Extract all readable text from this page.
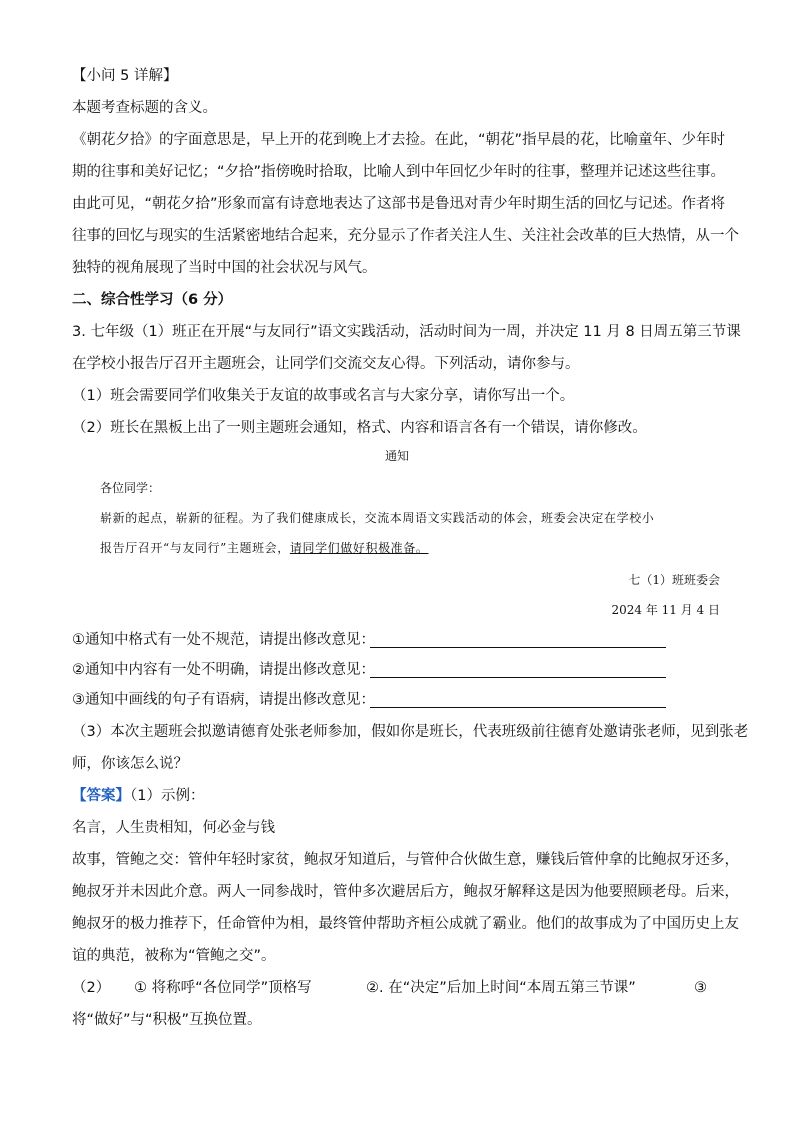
【小问 5 详解】
本题考查标题的含义。
《朝花夕拾》的字面意思是，早上开的花到晚上才去捡。在此，“朝花”指早晨的花，比喻童年、少年时
期的往事和美好记忆；“夕拾”指傍晚时拾取，比喻人到中年回忆少年时的往事，整理并记述这些往事。
由此可见，“朝花夕拾”形象而富有诗意地表达了这部书是鲁迅对青少年时期生活的回忆与记述。作者将
往事的回忆与现实的生活紧密地结合起来，充分显示了作者关注人生、关注社会改革的巨大热情，从一个
独特的视角展现了当时中国的社会状况与风气。
二、综合性学习（6 分）
3. 七年级（1）班正在开展“与友同行”语文实践活动，活动时间为一周，并决定 11 月 8 日周五第三节课
在学校小报告厅召开主题班会，让同学们交流交友心得。下列活动，请你参与。
（1）班会需要同学们收集关于友谊的故事或名言与大家分享，请你写出一个。
（2）班长在黑板上出了一则主题班会通知，格式、内容和语言各有一个错误，请你修改。
通知
各位同学：
崭新的起点，崭新的征程。为了我们健康成长，交流本周语文实践活动的体会，班委会决定在学校小
报告厅召开“与友同行”主题班会，请同学们做好积极准备。
七（1）班班委会
2024 年 11 月 4 日
①通知中格式有一处不规范，请提出修改意见：
②通知中内容有一处不明确，请提出修改意见：
③通知中画线的句子有语病，请提出修改意见：
（3）本次主题班会拟邀请德育处张老师参加，假如你是班长，代表班级前往德育处邀请张老师，见到张老
师，你该怎么说？
【答案】（1）示例：
名言，人生贵相知，何必金与钱
故事，管鲍之交：管仲年轻时家贫，鲍叔牙知道后，与管仲合伙做生意，赚钱后管仲拿的比鲍叔牙还多，
鲍叔牙并未因此介意。两人一同参战时，管仲多次避居后方，鲍叔牙解释这是因为他要照顾老母。后来，
鲍叔牙的极力推荐下，任命管仲为相，最终管仲帮助齐桓公成就了霸业。他们的故事成为了中国历史上友
谊的典范，被称为“管鲍之交”。
（2） ① 将称呼“各位同学”顶格写	②. 在“决定”后加上时间“本周五第三节课”	③
将“做好”与“积极”互换位置。
